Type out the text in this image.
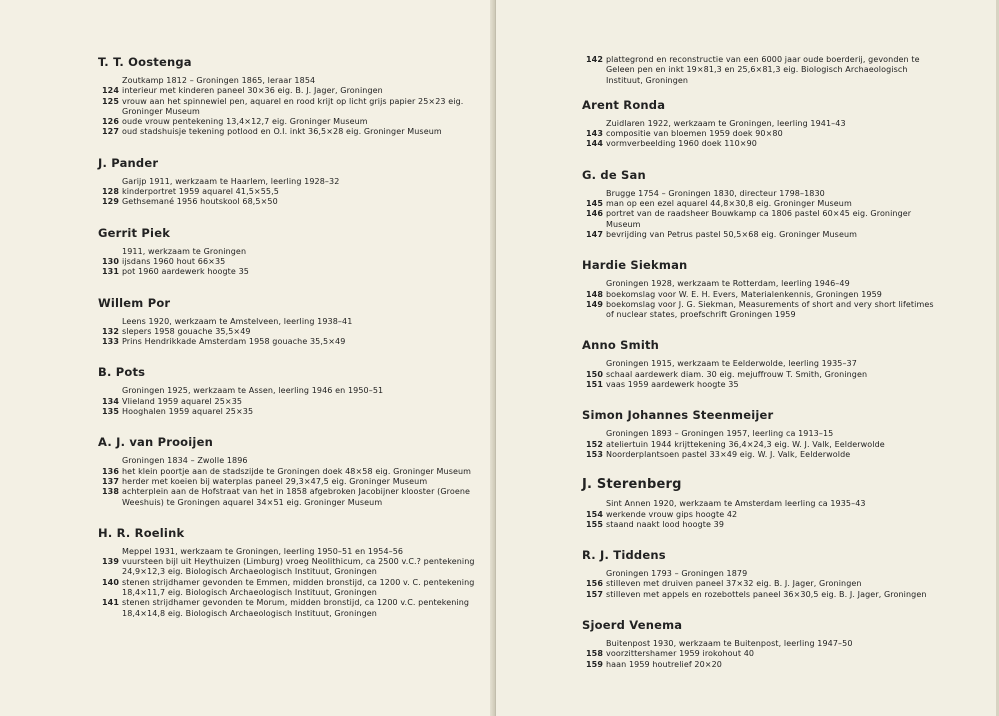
T. T. Oostenga
Zoutkamp 1812 – Groningen 1865, leraar 1854
124 interieur met kinderen paneel 30×36 eig. B. J. Jager, Groningen
125 vrouw aan het spinnewiel pen, aquarel en rood krijt op licht grijs papier 25×23 eig. Groninger Museum
126 oude vrouw pentekening 13,4×12,7 eig. Groninger Museum
127 oud stadshuisje tekening potlood en O.I. inkt 36,5×28 eig. Groninger Museum
J. Pander
Garijp 1911, werkzaam te Haarlem, leerling 1928–32
128 kinderportret 1959 aquarel 41,5×55,5
129 Gethsemané 1956 houtskool 68,5×50
Gerrit Piek
1911, werkzaam te Groningen
130 ijsdans 1960 hout 66×35
131 pot 1960 aardewerk hoogte 35
Willem Por
Leens 1920, werkzaam te Amstelveen, leerling 1938–41
132 slepers 1958 gouache 35,5×49
133 Prins Hendrikkade Amsterdam 1958 gouache 35,5×49
B. Pots
Groningen 1925, werkzaam te Assen, leerling 1946 en 1950–51
134 Vlieland 1959 aquarel 25×35
135 Hooghalen 1959 aquarel 25×35
A. J. van Prooijen
Groningen 1834 – Zwolle 1896
136 het klein poortje aan de stadszijde te Groningen doek 48×58 eig. Groninger Museum
137 herder met koeien bij waterplas paneel 29,3×47,5 eig. Groninger Museum
138 achterplein aan de Hofstraat van het in 1858 afgebroken Jacobijner klooster (Groene Weeshuis) te Groningen aquarel 34×51 eig. Groninger Museum
H. R. Roelink
Meppel 1931, werkzaam te Groningen, leerling 1950–51 en 1954–56
139 vuursteen bijl uit Heythuizen (Limburg) vroeg Neolithicum, ca 2500 v.C.? pentekening 24,9×12,3 eig. Biologisch Archaeologisch Instituut, Groningen
140 stenen strijdhamer gevonden te Emmen, midden bronstijd, ca 1200 v. C. pentekening 18,4×11,7 eig. Biologisch Archaeologisch Instituut, Groningen
141 stenen strijdhamer gevonden te Morum, midden bronstijd, ca 1200 v.C. pentekening 18,4×14,8 eig. Biologisch Archaeologisch Instituut, Groningen
142 plattegrond en reconstructie van een 6000 jaar oude boerderij, gevonden te Geleen pen en inkt 19×81,3 en 25,6×81,3 eig. Biologisch Archaeologisch Instituut, Groningen
Arent Ronda
Zuidlaren 1922, werkzaam te Groningen, leerling 1941–43
143 compositie van bloemen 1959 doek 90×80
144 vormverbeelding 1960 doek 110×90
G. de San
Brugge 1754 – Groningen 1830, directeur 1798–1830
145 man op een ezel aquarel 44,8×30,8 eig. Groninger Museum
146 portret van de raadsheer Bouwkamp ca 1806 pastel 60×45 eig. Groninger Museum
147 bevrijding van Petrus pastel 50,5×68 eig. Groninger Museum
Hardie Siekman
Groningen 1928, werkzaam te Rotterdam, leerling 1946–49
148 boekomslag voor W. E. H. Evers, Materialenkennis, Groningen 1959
149 boekomslag voor J. G. Siekman, Measurements of short and very short lifetimes of nuclear states, proefschrift Groningen 1959
Anno Smith
Groningen 1915, werkzaam te Eelderwolde, leerling 1935–37
150 schaal aardewerk diam. 30 eig. mejuffrouw T. Smith, Groningen
151 vaas 1959 aardewerk hoogte 35
Simon Johannes Steenmeijer
Groningen 1893 – Groningen 1957, leerling ca 1913–15
152 ateliertuin 1944 krijttekening 36,4×24,3 eig. W. J. Valk, Eelderwolde
153 Noorderplantsoen pastel 33×49 eig. W. J. Valk, Eelderwolde
J. Sterenberg
Sint Annen 1920, werkzaam te Amsterdam leerling ca 1935–43
154 werkende vrouw gips hoogte 42
155 staand naakt lood hoogte 39
R. J. Tiddens
Groningen 1793 – Groningen 1879
156 stilleven met druiven paneel 37×32 eig. B. J. Jager, Groningen
157 stilleven met appels en rozebottels paneel 36×30,5 eig. B. J. Jager, Groningen
Sjoerd Venema
Buitenpost 1930, werkzaam te Buitenpost, leerling 1947–50
158 voorzittershamer 1959 irokohout 40
159 haan 1959 houtrelief 20×20
